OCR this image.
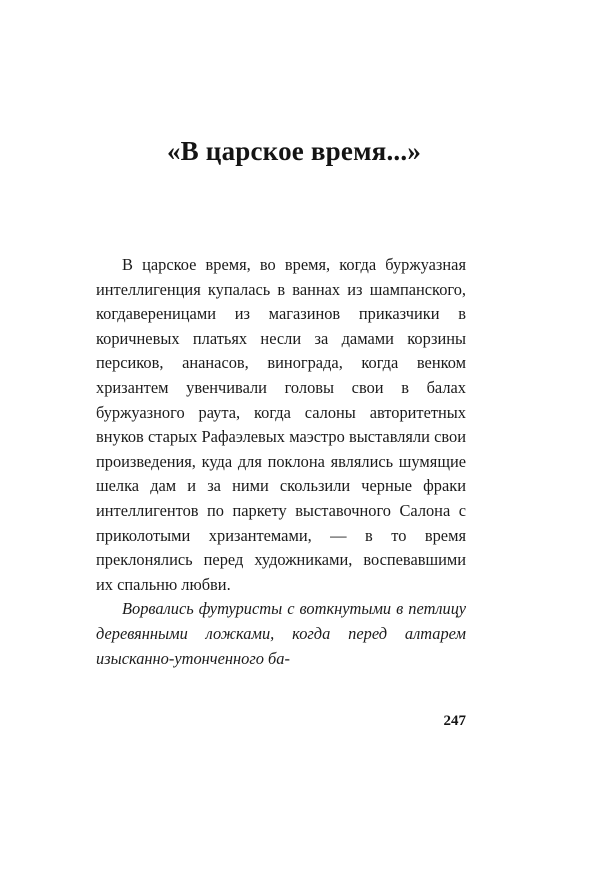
«В царское время...»

В царское время, во время, когда буржуазная интеллигенция купалась в ваннах из шампанского, когдавереницами из магазинов приказчики в коричневых платьях несли за дамами корзины персиков, ананасов, винограда, когда венком хризантем увенчивали головы свои в балах буржуазного раута, когда салоны авторитетных внуков старых Рафаэлевых маэстро выставляли свои произведения, куда для поклона являлись шумящие шелка дам и за ними скользили черные фраки интеллигентов по паркету выставочного Салона с приколотыми хризантемами, — в то время преклонялись перед художниками, воспевавшими их спальню любви.

Ворвались футуристы с воткнутыми в петлицу деревянными ложками, когда перед алтарем изысканно-утонченного ба-

247
